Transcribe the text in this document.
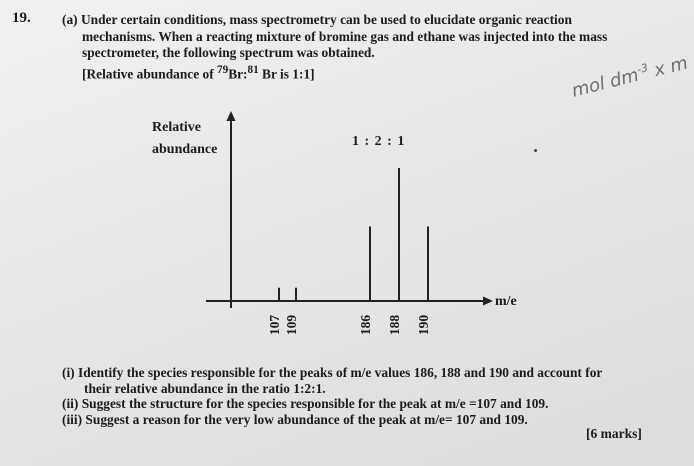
19. (a) Under certain conditions, mass spectrometry can be used to elucidate organic reaction
mechanisms. When a reacting mixture of bromine gas and ethane was injected into the mass
spectrometer, the following spectrum was obtained.
[Relative abundance of $^{79}$Br:$^{81}$ Br is 1:1]	mol $dm^{-3}$ x m
Relative
abundance
1 : 2 : 1
107 109	186 188 190
m/e
(i) Identify the species responsible for the peaks of m/e values 186, 188 and 190 and account for
their relative abundance in the ratio 1:2:1.
(ii) Suggest the structure for the species responsible for the peak at m/e =107 and 109.
(iii) Suggest a reason for the very low abundance of the peak at m/e= 107 and 109.
[6 marks]
